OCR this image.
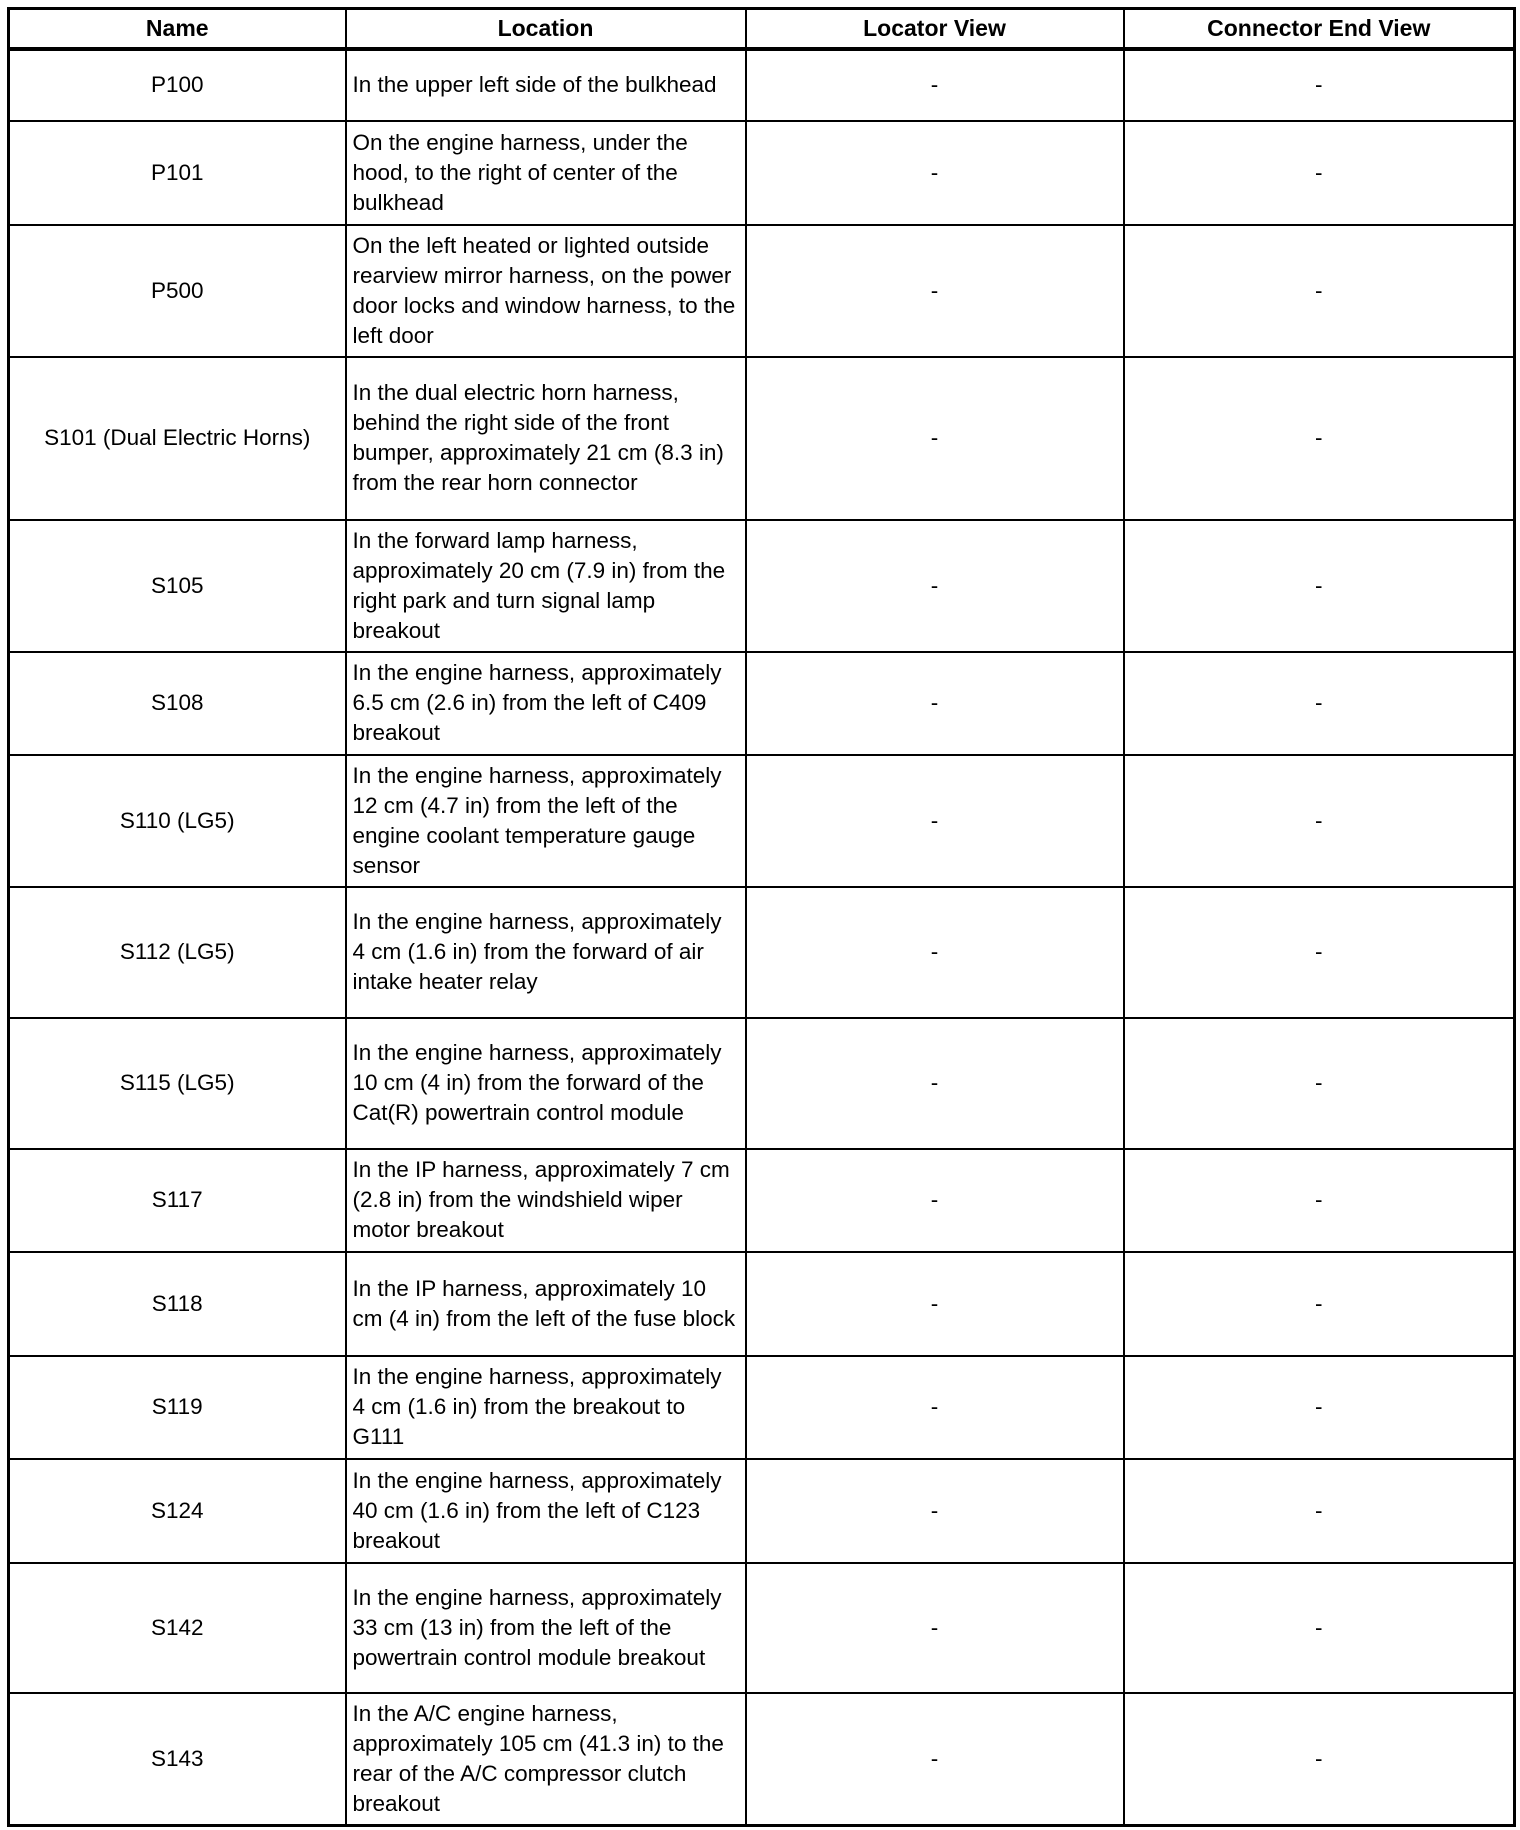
Name	Location	Locator View	Connector End View
P100	In the upper left side of the bulkhead	-	-
P101	On the engine harness, under the hood, to the right of center of the bulkhead	-	-
P500	On the left heated or lighted outside rearview mirror harness, on the power door locks and window harness, to the left door	-	-
S101 (Dual Electric Horns)	In the dual electric horn harness, behind the right side of the front bumper, approximately 21 cm (8.3 in) from the rear horn connector	-	-
S105	In the forward lamp harness, approximately 20 cm (7.9 in) from the right park and turn signal lamp breakout	-	-
S108	In the engine harness, approximately 6.5 cm (2.6 in) from the left of C409 breakout	-	-
S110 (LG5)	In the engine harness, approximately 12 cm (4.7 in) from the left of the engine coolant temperature gauge sensor	-	-
S112 (LG5)	In the engine harness, approximately 4 cm (1.6 in) from the forward of air intake heater relay	-	-
S115 (LG5)	In the engine harness, approximately 10 cm (4 in) from the forward of the Cat(R) powertrain control module	-	-
S117	In the IP harness, approximately 7 cm (2.8 in) from the windshield wiper motor breakout	-	-
S118	In the IP harness, approximately 10 cm (4 in) from the left of the fuse block	-	-
S119	In the engine harness, approximately 4 cm (1.6 in) from the breakout to G111	-	-
S124	In the engine harness, approximately 40 cm (1.6 in) from the left of C123 breakout	-	-
S142	In the engine harness, approximately 33 cm (13 in) from the left of the powertrain control module breakout	-	-
S143	In the A/C engine harness, approximately 105 cm (41.3 in) to the rear of the A/C compressor clutch breakout	-	-
